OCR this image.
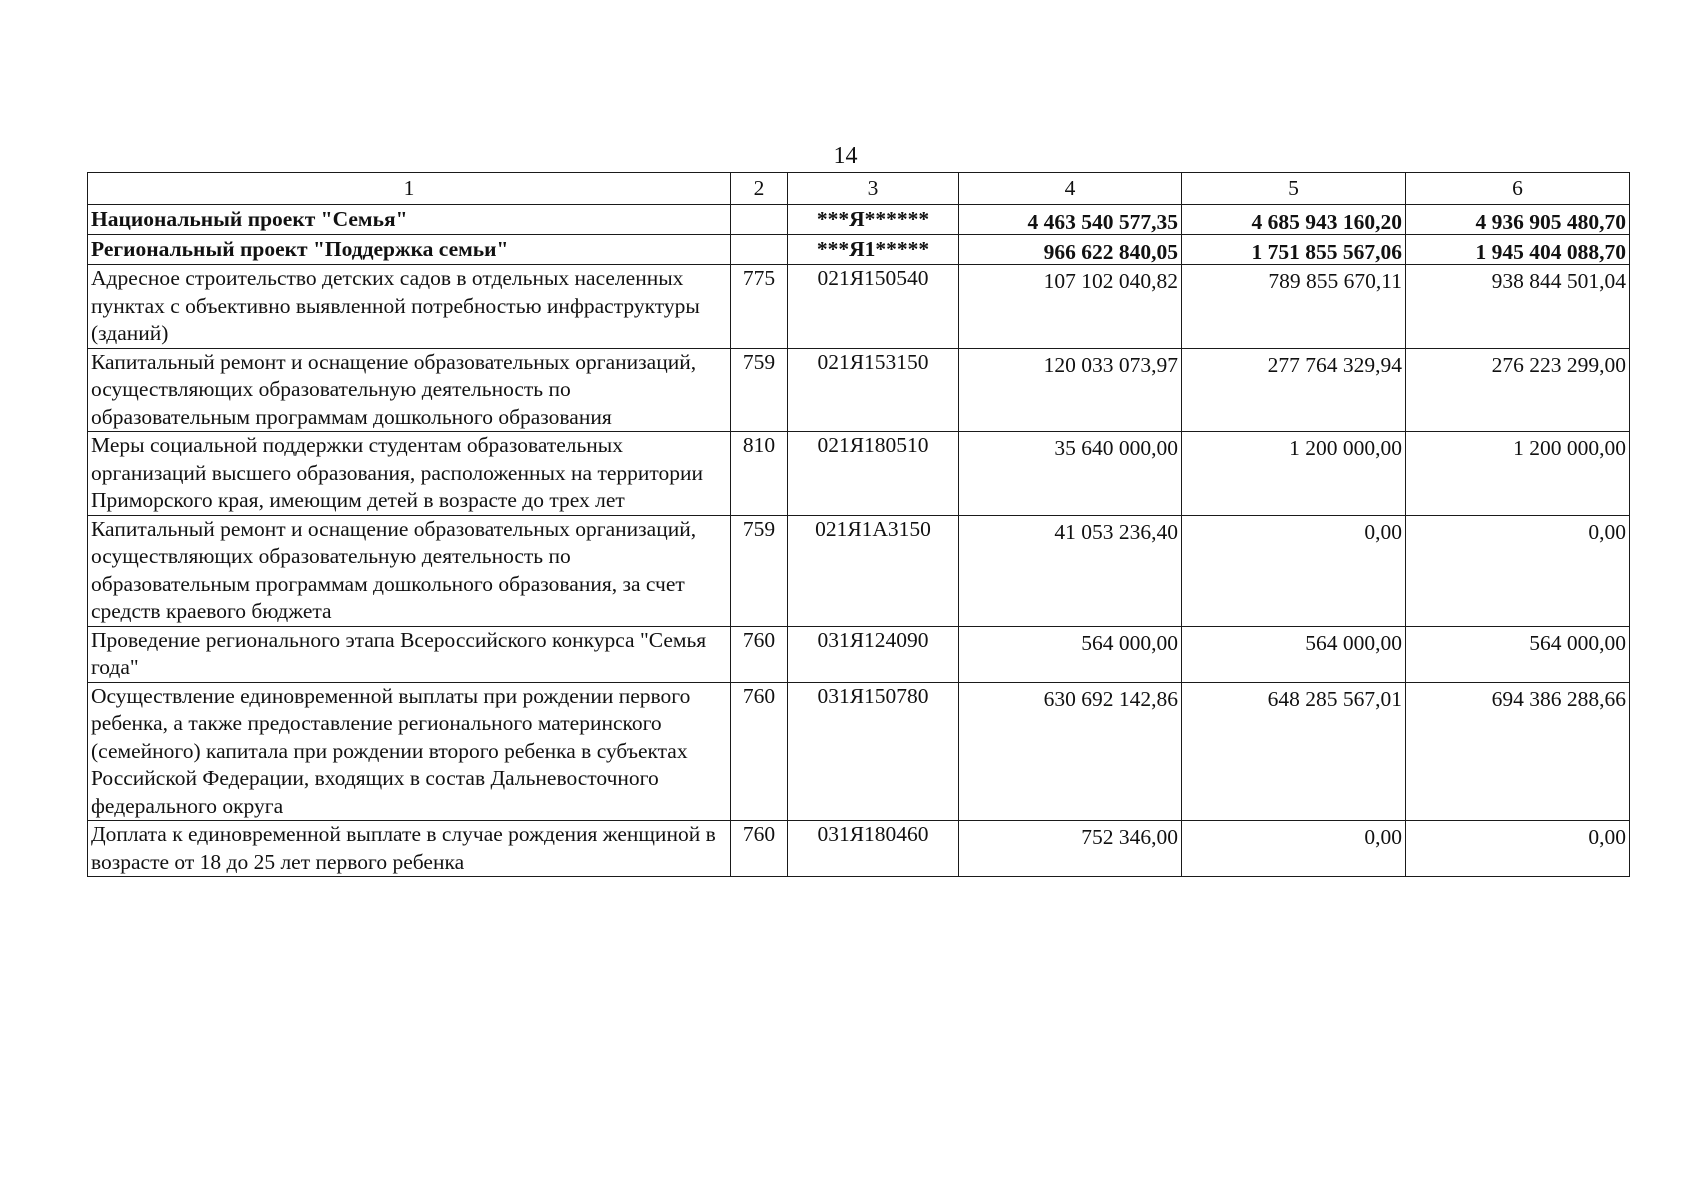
14
1	2	3	4	5	6
Национальный проект "Семья"		***Я******	4 463 540 577,35	4 685 943 160,20	4 936 905 480,70
Региональный проект "Поддержка семьи"		***Я1*****	966 622 840,05	1 751 855 567,06	1 945 404 088,70
Адресное строительство детских садов в отдельных населенных пунктах с объективно выявленной потребностью инфраструктуры (зданий)	775	021Я150540	107 102 040,82	789 855 670,11	938 844 501,04
Капитальный ремонт и оснащение образовательных организаций, осуществляющих образовательную деятельность по образовательным программам дошкольного образования	759	021Я153150	120 033 073,97	277 764 329,94	276 223 299,00
Меры социальной поддержки студентам образовательных организаций высшего образования, расположенных на территории Приморского края, имеющим детей в возрасте до трех лет	810	021Я180510	35 640 000,00	1 200 000,00	1 200 000,00
Капитальный ремонт и оснащение образовательных организаций, осуществляющих образовательную деятельность по образовательным программам дошкольного образования, за счет средств краевого бюджета	759	021Я1А3150	41 053 236,40	0,00	0,00
Проведение регионального этапа Всероссийского конкурса "Семья года"	760	031Я124090	564 000,00	564 000,00	564 000,00
Осуществление единовременной выплаты при рождении первого ребенка, а также предоставление регионального материнского (семейного) капитала при рождении второго ребенка в субъектах Российской Федерации, входящих в состав Дальневосточного федерального округа	760	031Я150780	630 692 142,86	648 285 567,01	694 386 288,66
Доплата к единовременной выплате в случае рождения женщиной в возрасте от 18 до 25 лет первого ребенка	760	031Я180460	752 346,00	0,00	0,00
